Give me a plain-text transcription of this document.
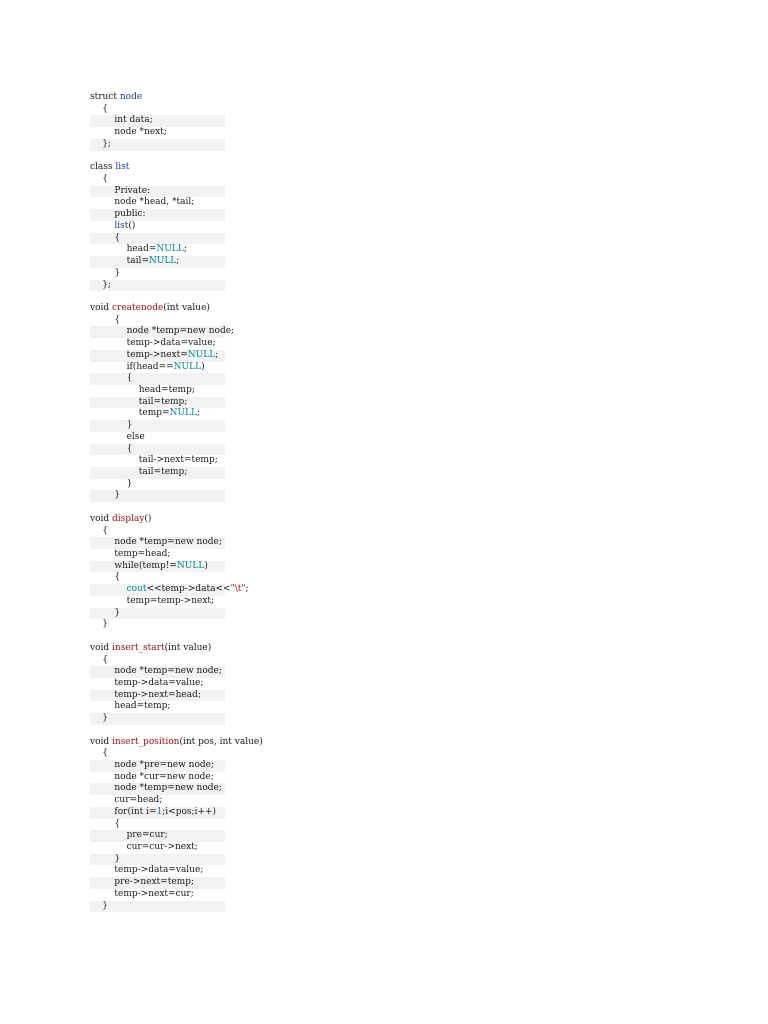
struct node
{
int data;
node *next;
};
class list
{
Private:
node *head, *tail;
public:
list()
{
head=NULL;
tail=NULL;
}
};
void createnode(int value)
{
node *temp=new node;
temp->data=value;
temp->next=NULL;
if(head==NULL)
{
head=temp;
tail=temp;
temp=NULL;
}
else
{
tail->next=temp;
tail=temp;
}
}
void display()
{
node *temp=new node;
temp=head;
while(temp!=NULL)
{
cout<<temp->data<<"\t";
temp=temp->next;
}
}
void insert_start(int value)
{
node *temp=new node;
temp->data=value;
temp->next=head;
head=temp;
}
void insert_position(int pos, int value)
{
node *pre=new node;
node *cur=new node;
node *temp=new node;
cur=head;
for(int i=1;i<pos;i++)
{
pre=cur;
cur=cur->next;
}
temp->data=value;
pre->next=temp;
temp->next=cur;
}
